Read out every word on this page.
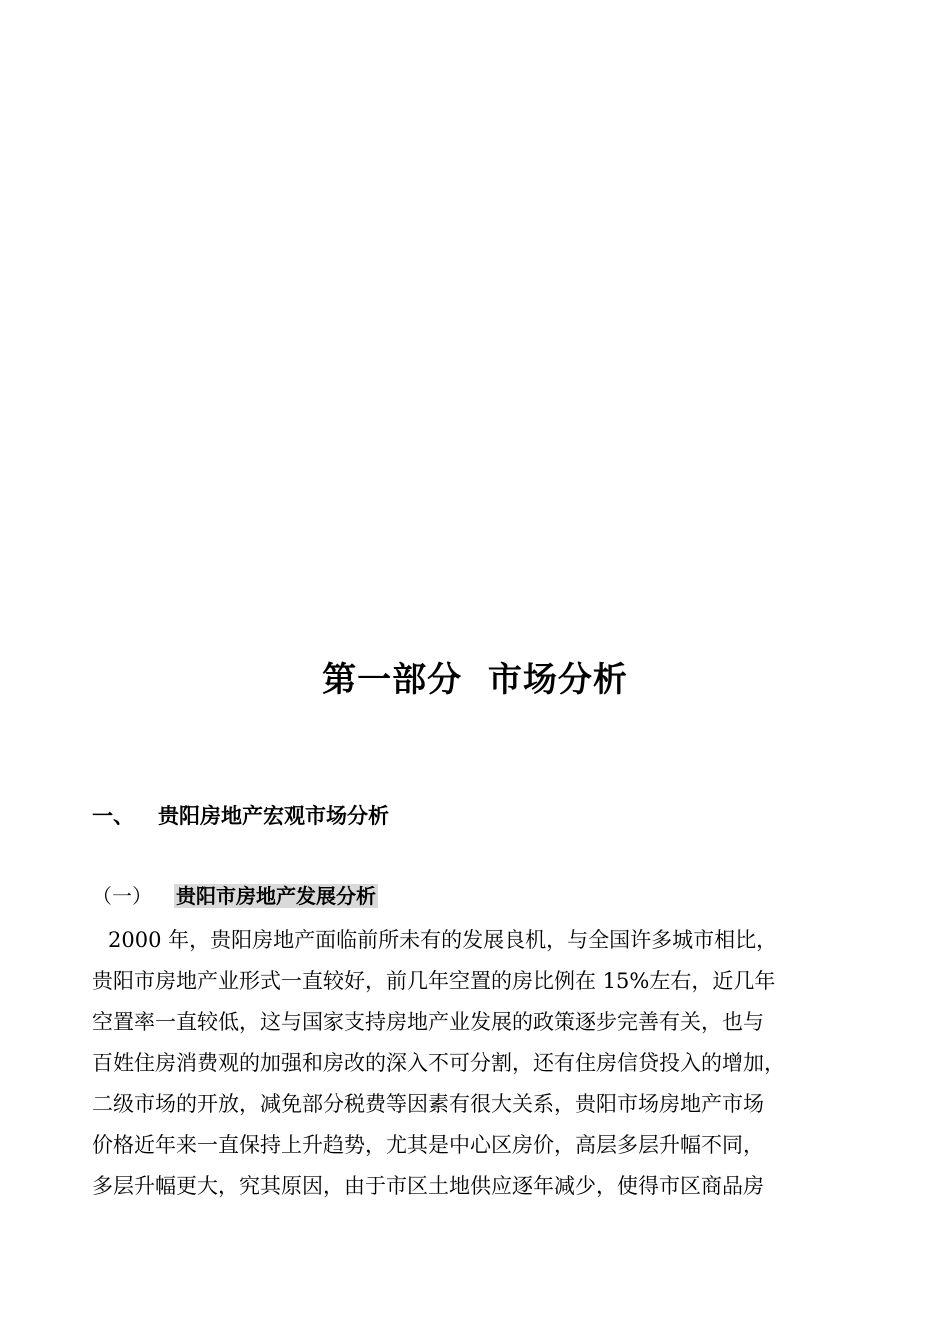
第一部分  市场分析
一、 贵阳房地产宏观市场分析
（一） 贵阳市房地产发展分析
2000 年，贵阳房地产面临前所未有的发展良机，与全国许多城市相比，
贵阳市房地产业形式一直较好，前几年空置的房比例在 15%左右，近几年
空置率一直较低，这与国家支持房地产业发展的政策逐步完善有关，也与
百姓住房消费观的加强和房改的深入不可分割，还有住房信贷投入的增加，
二级市场的开放，减免部分税费等因素有很大关系，贵阳市场房地产市场
价格近年来一直保持上升趋势，尤其是中心区房价，高层多层升幅不同，
多层升幅更大，究其原因，由于市区土地供应逐年减少，使得市区商品房
